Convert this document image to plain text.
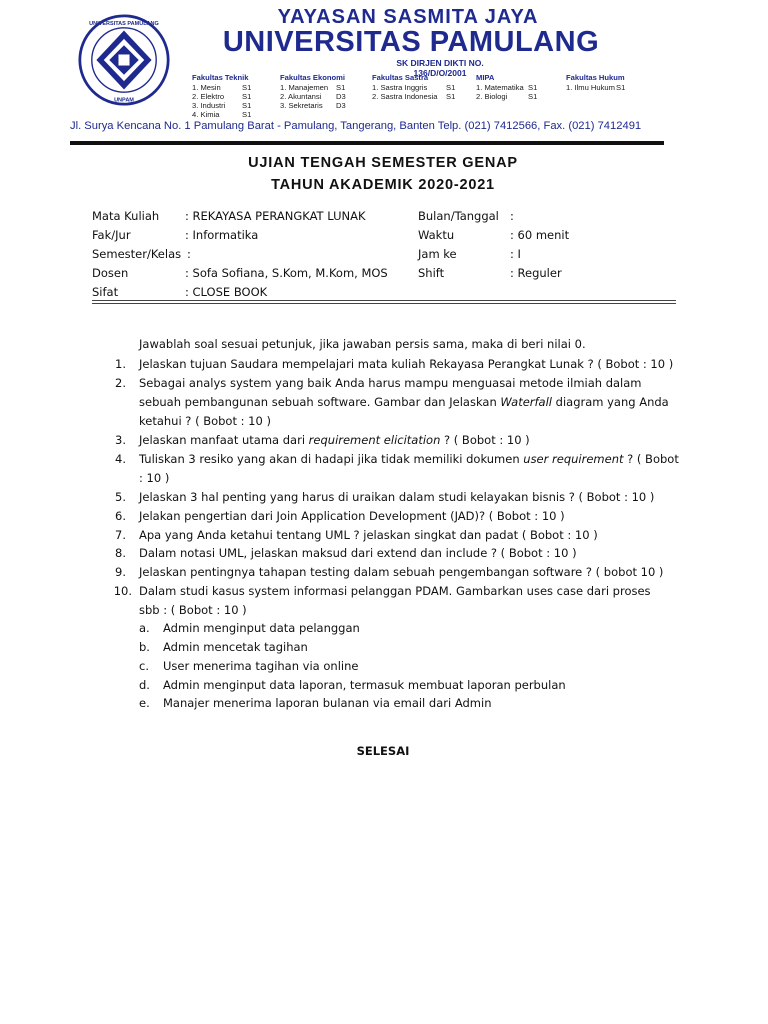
UNIVERSITAS PAMULANG
UNPAM
YAYASAN SASMITA JAYA
UNIVERSITAS PAMULANG
SK DIRJEN DIKTI NO. 136/D/O/2001
Fakultas Teknik
1. Mesin	S1
2. Elektro S1
3. Industri S1
4. Kimia	S1
Fakultas Ekonomi
1. Manajemen S1
2. Akuntansi D3
3. Sekretaris D3
Fakultas Sastra
1. Sastra Inggris S1
2. Sastra Indonesia S1
MIPA
1. Matematika S1
2. Biologi	S1
Fakultas Hukum
1. Ilmu HukumS1
Jl. Surya Kencana No. 1 Pamulang Barat - Pamulang, Tangerang, Banten Telp. (021) 7412566, Fax. (021) 7412491
UJIAN TENGAH SEMESTER GENAP
TAHUN AKADEMIK 2020-2021
Mata Kuliah : REKAYASA PERANGKAT LUNAK
Fak/Jur	: Informatika
Semester/Kelas :
Dosen	: Sofa Sofiana, S.Kom, M.Kom, MOS
Sifat	: CLOSE BOOK
Bulan/Tanggal :
Waktu	: 60 menit
Jam ke	: I
Shift	: Reguler
Jawablah soal sesuai petunjuk, jika jawaban persis sama, maka di beri nilai 0.
1. Jelaskan tujuan Saudara mempelajari mata kuliah Rekayasa Perangkat Lunak ? ( Bobot : 10 )
2. Sebagai analys system yang baik Anda harus mampu menguasai metode ilmiah dalam
sebuah pembangunan sebuah software. Gambar dan Jelaskan Waterfall diagram yang Anda
ketahui ? ( Bobot : 10 )
3. Jelaskan manfaat utama dari requirement elicitation ? ( Bobot : 10 )
4. Tuliskan 3 resiko yang akan di hadapi jika tidak memiliki dokumen user requirement ? ( Bobot
: 10 )
5. Jelaskan 3 hal penting yang harus di uraikan dalam studi kelayakan bisnis ? ( Bobot : 10 )
6. Jelakan pengertian dari Join Application Development (JAD)? ( Bobot : 10 )
7. Apa yang Anda ketahui tentang UML ? jelaskan singkat dan padat ( Bobot : 10 )
8. Dalam notasi UML, jelaskan maksud dari extend dan include ? ( Bobot : 10 )
9. Jelaskan pentingnya tahapan testing dalam sebuah pengembangan software ? ( bobot 10 )
10. Dalam studi kasus system informasi pelanggan PDAM. Gambarkan uses case dari proses
sbb : ( Bobot : 10 )
a. Admin menginput data pelanggan
b. Admin mencetak tagihan
c. User menerima tagihan via online
d. Admin menginput data laporan, termasuk membuat laporan perbulan
e. Manajer menerima laporan bulanan via email dari Admin
SELESAI
